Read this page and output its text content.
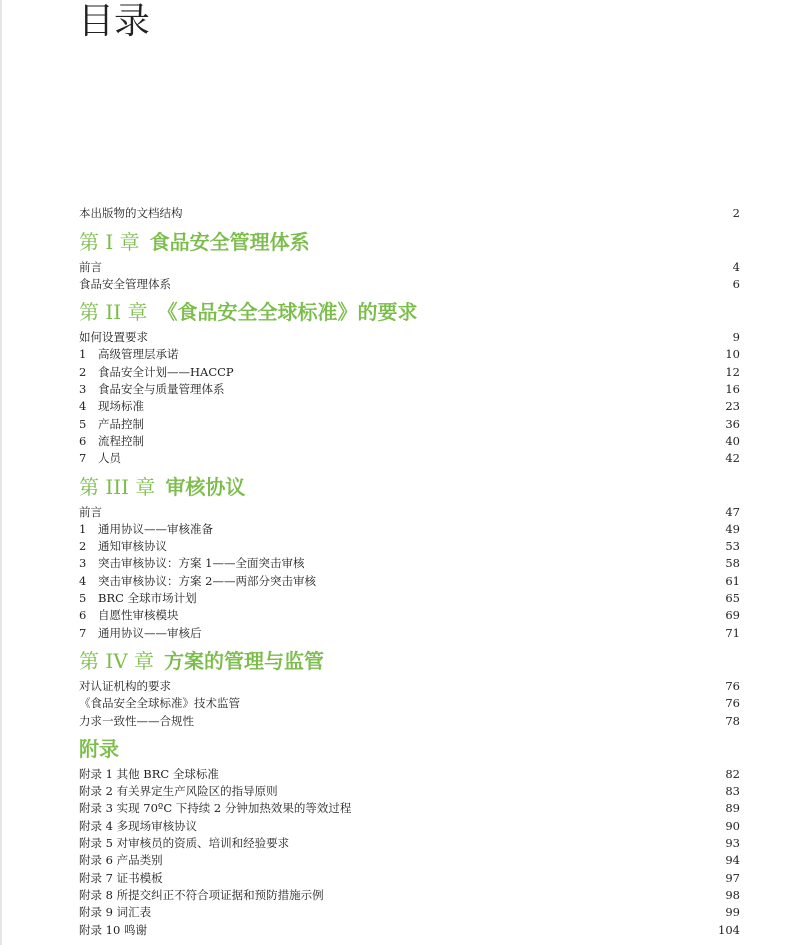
目录
本出版物的文档结构	2
第 I 章 食品安全管理体系
前言	4
食品安全管理体系	6
第 II 章 《食品安全全球标准》的要求
如何设置要求	9
1 高级管理层承诺	10
2 食品安全计划——HACCP	12
3 食品安全与质量管理体系	16
4 现场标准	23
5 产品控制	36
6 流程控制	40
7 人员	42
第 III 章 审核协议
前言	47
1 通用协议——审核准备	49
2 通知审核协议	53
3 突击审核协议：方案 1——全面突击审核	58
4 突击审核协议：方案 2——两部分突击审核	61
5 BRC 全球市场计划	65
6 自愿性审核模块	69
7 通用协议——审核后	71
第 IV 章 方案的管理与监管
对认证机构的要求	76
《食品安全全球标准》技术监管	76
力求一致性——合规性	78
附录
附录 1 其他 BRC 全球标准	82
附录 2 有关界定生产风险区的指导原则	83
附录 3 实现 70ºC 下持续 2 分钟加热效果的等效过程	89
附录 4 多现场审核协议	90
附录 5 对审核员的资质、培训和经验要求	93
附录 6 产品类别	94
附录 7 证书模板	97
附录 8 所提交纠正不符合项证据和预防措施示例	98
附录 9 词汇表	99
附录 10 鸣谢	104
